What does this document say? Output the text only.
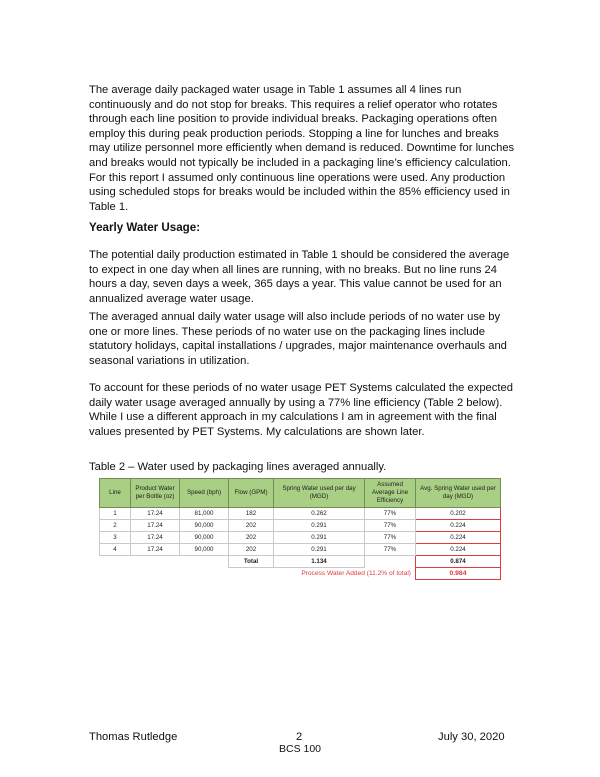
The average daily packaged water usage in Table 1 assumes all 4 lines run continuously and do not stop for breaks. This requires a relief operator who rotates through each line position to provide individual breaks. Packaging operations often employ this during peak production periods. Stopping a line for lunches and breaks may utilize personnel more efficiently when demand is reduced. Downtime for lunches and breaks would not typically be included in a packaging line’s efficiency calculation. For this report I assumed only continuous line operations were used. Any production using scheduled stops for breaks would be included within the 85% efficiency used in Table 1.
Yearly Water Usage:
The potential daily production estimated in Table 1 should be considered the average to expect in one day when all lines are running, with no breaks. But no line runs 24 hours a day, seven days a week, 365 days a year. This value cannot be used for an annualized average water usage.
The averaged annual daily water usage will also include periods of no water use by one or more lines. These periods of no water use on the packaging lines include statutory holidays, capital installations / upgrades, major maintenance overhauls and seasonal variations in utilization.
To account for these periods of no water usage PET Systems calculated the expected daily water usage averaged annually by using a 77% line efficiency (Table 2 below). While I use a different approach in my calculations I am in agreement with the final values presented by PET Systems. My calculations are shown later.
Table 2 – Water used by packaging lines averaged annually.
Line	Product Water per Bottle (oz)	Speed (bph)	Flow (GPM)	Spring Water used per day (MGD)	Assumed Average Line Efficiency	Avg. Spring Water used per day (MGD)
1	17.24	81,000	182	0.262	77%	0.202
2	17.24	90,000	202	0.291	77%	0.224
3	17.24	90,000	202	0.291	77%	0.224
4	17.24	90,000	202	0.291	77%	0.224
			Total	1.134		0.874
Process Water Added (11.2% of total)						0.984
Thomas Rutledge	2	July 30, 2020
BCS 100
